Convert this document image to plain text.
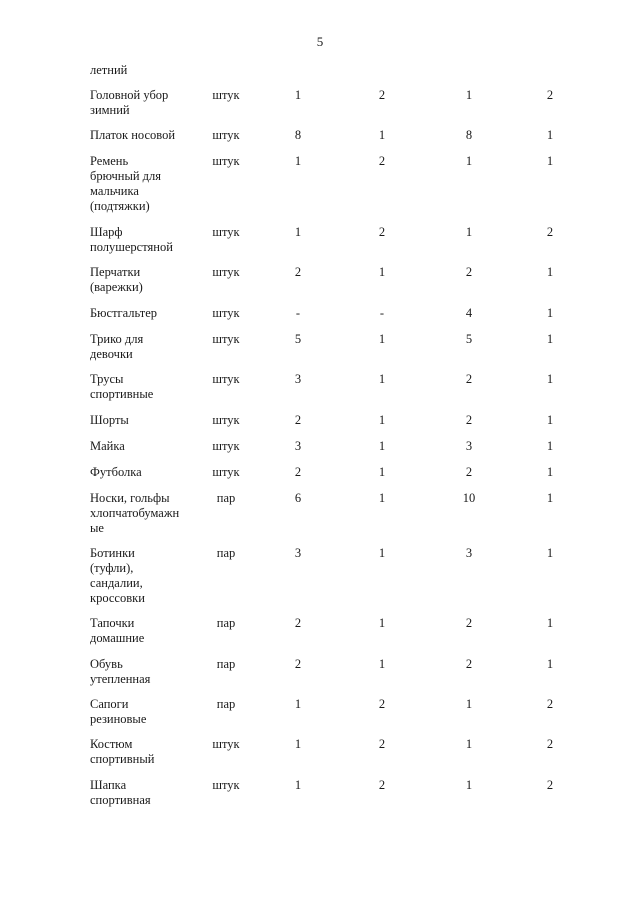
5
летний
Головной убор
зимний
штук	1	2	1	2
Платок носовой	штук	8	1	8	1
Ремень
брючный для
мальчика
(подтяжки)
штук	1	2	1	1
Шарф
полушерстяной
штук	1	2	1	2
Перчатки
(варежки)
штук	2	1	2	1
Бюстгальтер	штук	-	-	4	1
Трико для
девочки
штук	5	1	5	1
Трусы
спортивные
штук	3	1	2	1
Шорты	штук	2	1	2	1
Майка	штук	3	1	3	1
Футболка	штук	2	1	2	1
Носки, гольфы
хлопчатобумажн
ые
пар	6	1	10	1
Ботинки
(туфли),
сандалии,
кроссовки
пар	3	1	3	1
Тапочки
домашние
пар	2	1	2	1
Обувь
утепленная
пар	2	1	2	1
Сапоги
резиновые
пар	1	2	1	2
Костюм
спортивный
штук	1	2	1	2
Шапка
спортивная
штук	1	2	1	2
